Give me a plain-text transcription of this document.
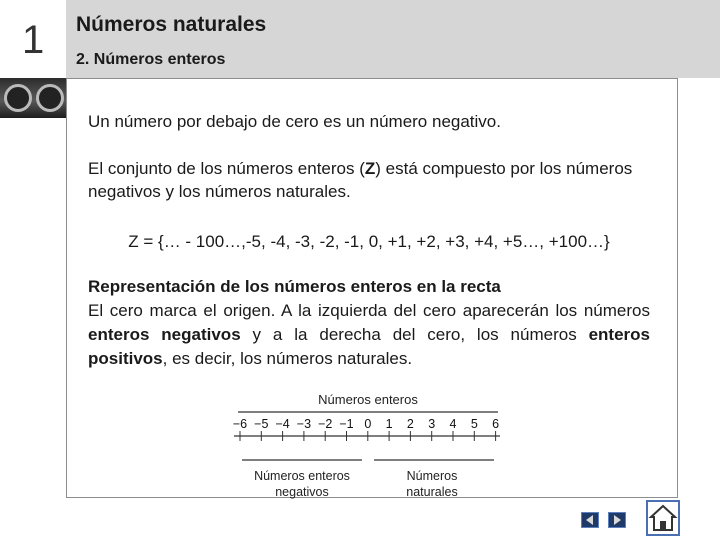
1 Números naturales
2. Números enteros
Un número por debajo de cero es un número negativo.
El conjunto de los números enteros (Z) está compuesto por los números negativos y los números naturales.
Z = {… - 100…,-5, -4, -3, -2, -1, 0, +1, +2, +3, +4, +5…, +100…}
Representación de los números enteros en la recta
El cero marca el origen. A la izquierda del cero aparecerán los números enteros negativos y a la derecha del cero, los números enteros positivos, es decir, los números naturales.
Números enteros
−6 −5 −4 −3 −2 −1 0 1 2 3 4 5 6
Números enteros
negativos
Números
naturales
